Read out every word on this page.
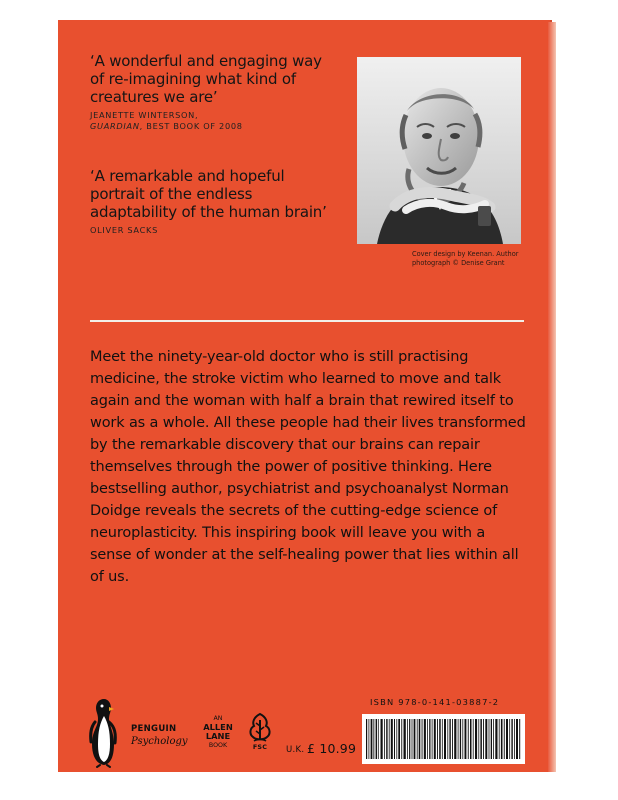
‘A wonderful and engaging way of re-imagining what kind of creatures we are’
JEANETTE WINTERSON,
GUARDIAN, BEST BOOK OF 2008
‘A remarkable and hopeful portrait of the endless adaptability of the human brain’
OLIVER SACKS
Cover design by Keenan. Author photograph © Denise Grant

Meet the ninety-year-old doctor who is still practising medicine, the stroke victim who learned to move and talk again and the woman with half a brain that rewired itself to work as a whole. All these people had their lives transformed by the remarkable discovery that our brains can repair themselves through the power of positive thinking. Here bestselling author, psychiatrist and psychoanalyst Norman Doidge reveals the secrets of the cutting-edge science of neuroplasticity. This inspiring book will leave you with a sense of wonder at the self-healing power that lies within all of us.

PENGUIN
Psychology
AN
ALLEN
LANE
BOOK	FSC	U.K. £ 10.99
ISBN 978-0-141-03887-2
